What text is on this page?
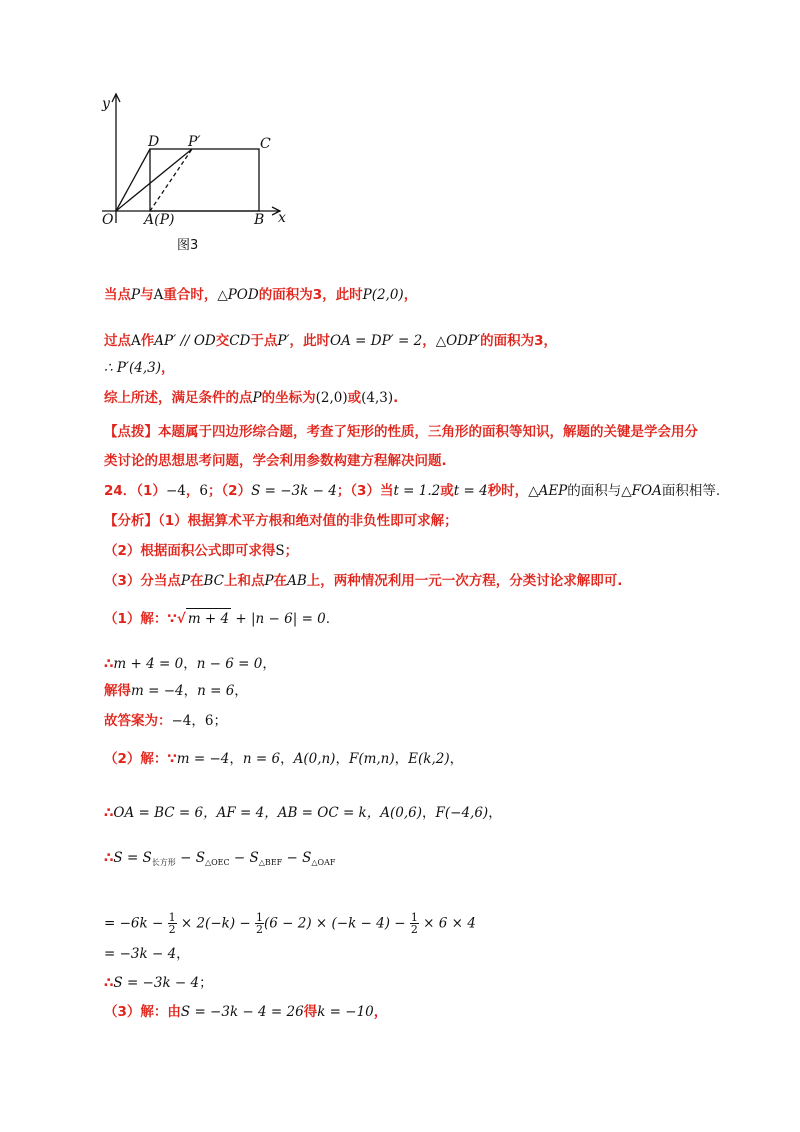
y
D P′	C
O A(P)	B x
图3
当点P与A重合时，△POD的面积为3，此时P(2,0)，
过点A作AP′ // OD交CD于点P′，此时OA = DP′ = 2，△ODP′的面积为3，
∴ P′(4,3)，
综上所述，满足条件的点P的坐标为(2,0)或(4,3).
【点拨】本题属于四边形综合题，考查了矩形的性质，三角形的面积等知识，解题的关键是学会用分
类讨论的思想思考问题，学会利用参数构建方程解决问题.
24．（1）−4，6；（2）S = −3k − 4；（3）当t = 1.2或t = 4秒时，△AEP的面积与△FOA面积相等.
【分析】（1）根据算术平方根和绝对值的非负性即可求解；
（2）根据面积公式即可求得S；
（3）分当点P在BC上和点P在AB上，两种情况利用一元一次方程，分类讨论求解即可.
（1）解：∵√ m + 4 + |n − 6| = 0.
∴m + 4 = 0，n − 6 = 0，
解得m = −4，n = 6，
故答案为：−4，6；
（2）解：∵m = −4，n = 6，A(0,n)，F(m,n)，E(k,2)，
∴OA = BC = 6，AF = 4，AB = OC = k，A(0,6)，F(−4,6)，
∴S = $S_{长方形} - S_{\triangle OEC} - S_{\triangle BEF} - S_{\triangle OAF}$
= $-6k - \frac{1}{2} \times 2(-k) - \frac{1}{2} (6 - 2) \times (-k - 4) - \frac{1}{2} \times 6 \times 4$
= −3k − 4，
∴S = −3k − 4；
（3）解：由S = −3k − 4 = 26得k = −10，
